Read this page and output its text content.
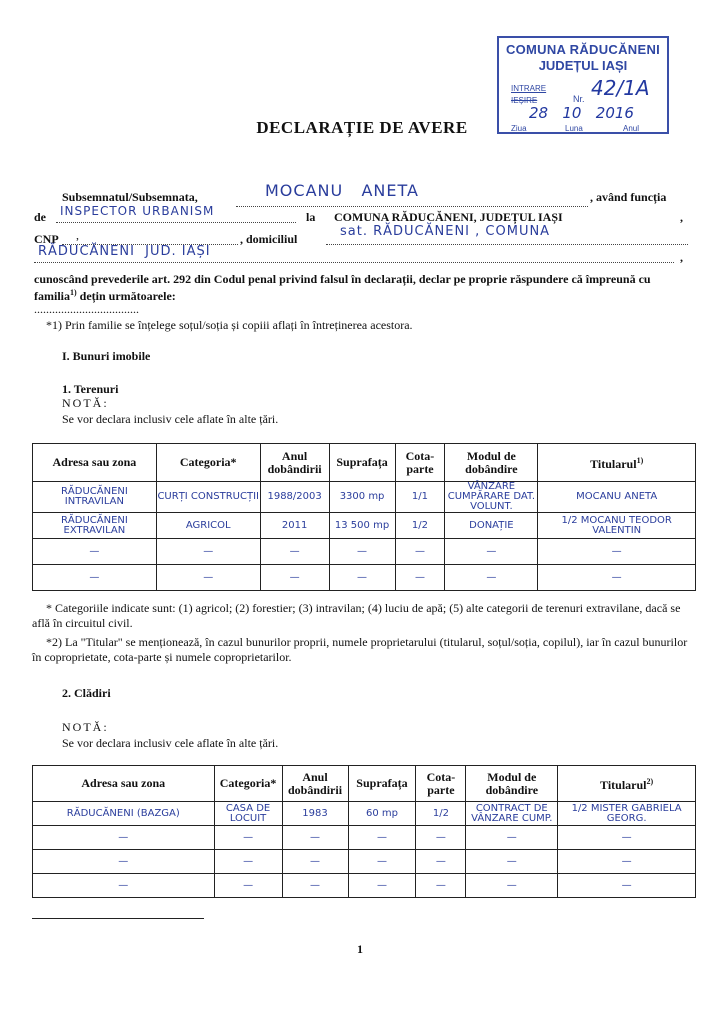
COMUNA RĂDUCĂNENI
JUDEȚUL IAȘI
INTRARE
IEȘIRE	Nr. 42/1A
28   10   2016
Ziua	Luna	Anul
DECLARAȚIE DE AVERE
Subsemnatul/Subsemnata,	MOCANU   ANETA	, având funcția
de INSPECTOR URBANISM	la COMUNA RĂDUCĂNENI, JUDEȚUL IAȘI	,
CNP ,	, domiciliul	sat. RĂDUCĂNENI , COMUNA
RĂDUCĂNENI  JUD. IAȘI	,
cunoscând prevederile art. 292 din Codul penal privind falsul în declarații, declar pe proprie răspundere că împreună cu familia$^{1)}$ dețin următoarele:
...................................
*1) Prin familie se înțelege soțul/soția și copiii aflați în întreținerea acestora.
I. Bunuri imobile
1. Terenuri
NOTĂ:
Se vor declara inclusiv cele aflate în alte țări.
Adresa sau zona	Categoria*	Anul dobândirii	Suprafața	Cota-parte	Modul de dobândire	Titularul$^{1)}$
RĂDUCĂNENI INTRAVILAN	CURȚI CONSTRUCȚII	1988/2003	3300 mp	1/1	VÂNZARE CUMPĂRARE DAT. VOLUNT.	MOCANU ANETA
RĂDUCĂNENI EXTRAVILAN	AGRICOL	2011	13 500 mp	1/2	DONAȚIE	1/2 MOCANU TEODOR VALENTIN
—	—	—	—	—	—	—
—	—	—	—	—	—	—
* Categoriile indicate sunt: (1) agricol; (2) forestier; (3) intravilan; (4) luciu de apă; (5) alte categorii de terenuri extravilane, dacă se află în circuitul civil.
*2) La "Titular" se menționează, în cazul bunurilor proprii, numele proprietarului (titularul, soțul/soția, copilul), iar în cazul bunurilor în coproprietate, cota-parte și numele coproprietarilor.
2. Clădiri
NOTĂ:
Se vor declara inclusiv cele aflate în alte țări.
Adresa sau zona	Categoria*	Anul dobândirii	Suprafața	Cota-parte	Modul de dobândire	Titularul$^{2)}$
RĂDUCĂNENI (BAZGA)	CASA DE LOCUIT	1983	60 mp	1/2	CONTRACT DE VÂNZARE CUMP.	1/2 MISTER GABRIELA GEORG.
—	—	—	—	—	—	—
—	—	—	—	—	—	—
—	—	—	—	—	—	—
1
